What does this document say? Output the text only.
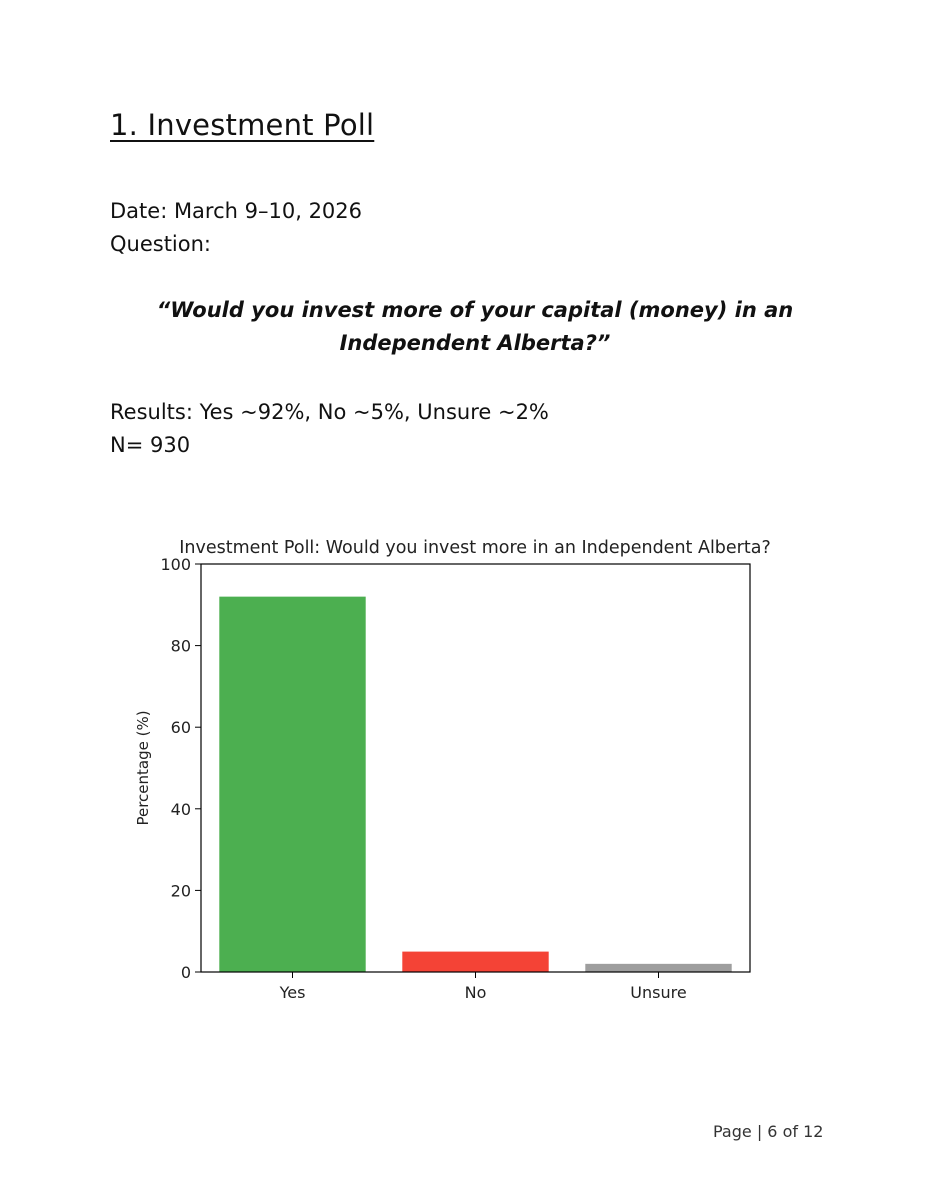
1. Investment Poll

Date: March 9–10, 2026

Question:

“Would you invest more of your capital (money) in an Independent Alberta?”

Results: Yes ~92%, No ~5%, Unsure ~2%

N= 930

Investment Poll: Would you invest more in an Independent Alberta?
0
20
40
60
80
100
Yes	No	Unsure
Percentage (%)

Page | 6 of 12
